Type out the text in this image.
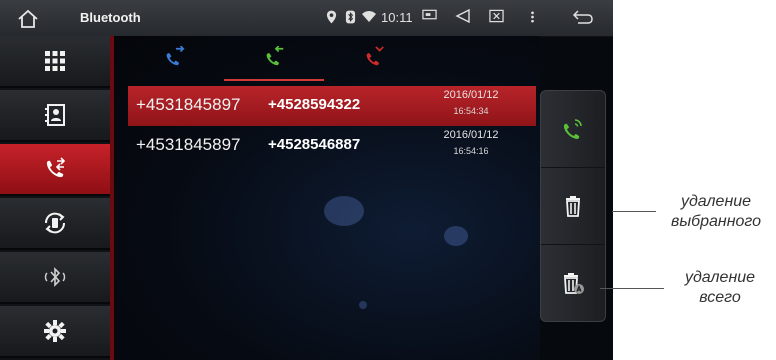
Bluetooth	10:11
+4531845897 +4528594322
2016/01/12
16:54:34
+4531845897 +4528546887
2016/01/12
16:54:16
удаление
выбранного
удаление
всего
